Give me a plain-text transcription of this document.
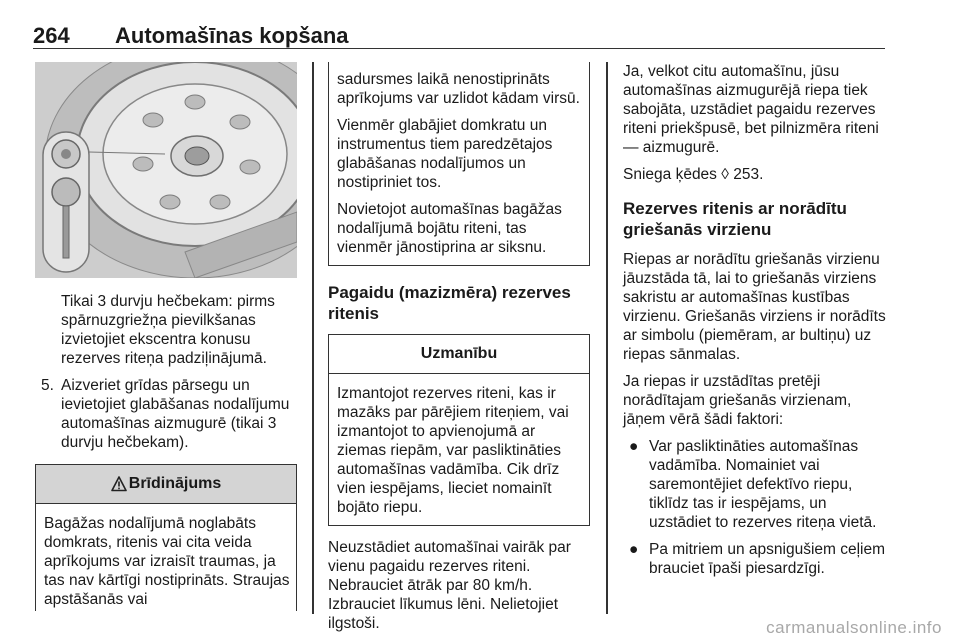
264 Automašīnas kopšana
Tikai 3 durvju hečbekam: pirms spārnuzgriežņa pievilkšanas izvietojiet ekscentra konusu rezerves riteņa padziļinājumā.
5. Aizveriet grīdas pārsegu un ievietojiet glabāšanas nodalījumu automašīnas aizmugurē (tikai 3 durvju hečbekam).
Brīdinājums
Bagāžas nodalījumā noglabāts domkrats, ritenis vai cita veida aprīkojums var izraisīt traumas, ja tas nav kārtīgi nostiprināts. Straujas apstāšanās vai
sadursmes laikā nenostiprināts aprīkojums var uzlidot kādam virsū.
Vienmēr glabājiet domkratu un instrumentus tiem paredzētajos glabāšanas nodalījumos un nostipriniet tos.
Novietojot automašīnas bagāžas nodalījumā bojātu riteni, tas vienmēr jānostiprina ar siksnu.
Pagaidu (mazizmēra) rezerves ritenis
Uzmanību
Izmantojot rezerves riteni, kas ir mazāks par pārējiem riteņiem, vai izmantojot to apvienojumā ar ziemas riepām, var pasliktināties automašīnas vadāmība. Cik drīz vien iespējams, lieciet nomainīt bojāto riepu.
Neuzstādiet automašīnai vairāk par vienu pagaidu rezerves riteni. Nebrauciet ātrāk par 80 km/h. Izbrauciet līkumus lēni. Nelietojiet ilgstoši.
Ja, velkot citu automašīnu, jūsu automašīnas aizmugurējā riepa tiek sabojāta, uzstādiet pagaidu rezerves riteni priekšpusē, bet pilnizmēra riteni — aizmugurē.
Sniega ķēdes ◊ 253.
Rezerves ritenis ar norādītu griešanās virzienu
Riepas ar norādītu griešanās virzienu jāuzstāda tā, lai to griešanās virziens sakristu ar automašīnas kustības virzienu. Griešanās virziens ir norādīts ar simbolu (piemēram, ar bultiņu) uz riepas sānmalas.
Ja riepas ir uzstādītas pretēji norādītajam griešanās virzienam, jāņem vērā šādi faktori:
● Var pasliktināties automašīnas vadāmība. Nomainiet vai saremontējiet defektīvo riepu, tiklīdz tas ir iespējams, un uzstādiet to rezerves riteņa vietā.
● Pa mitriem un apsnigušiem ceļiem brauciet īpaši piesardzīgi.
carmanualsonline.info
